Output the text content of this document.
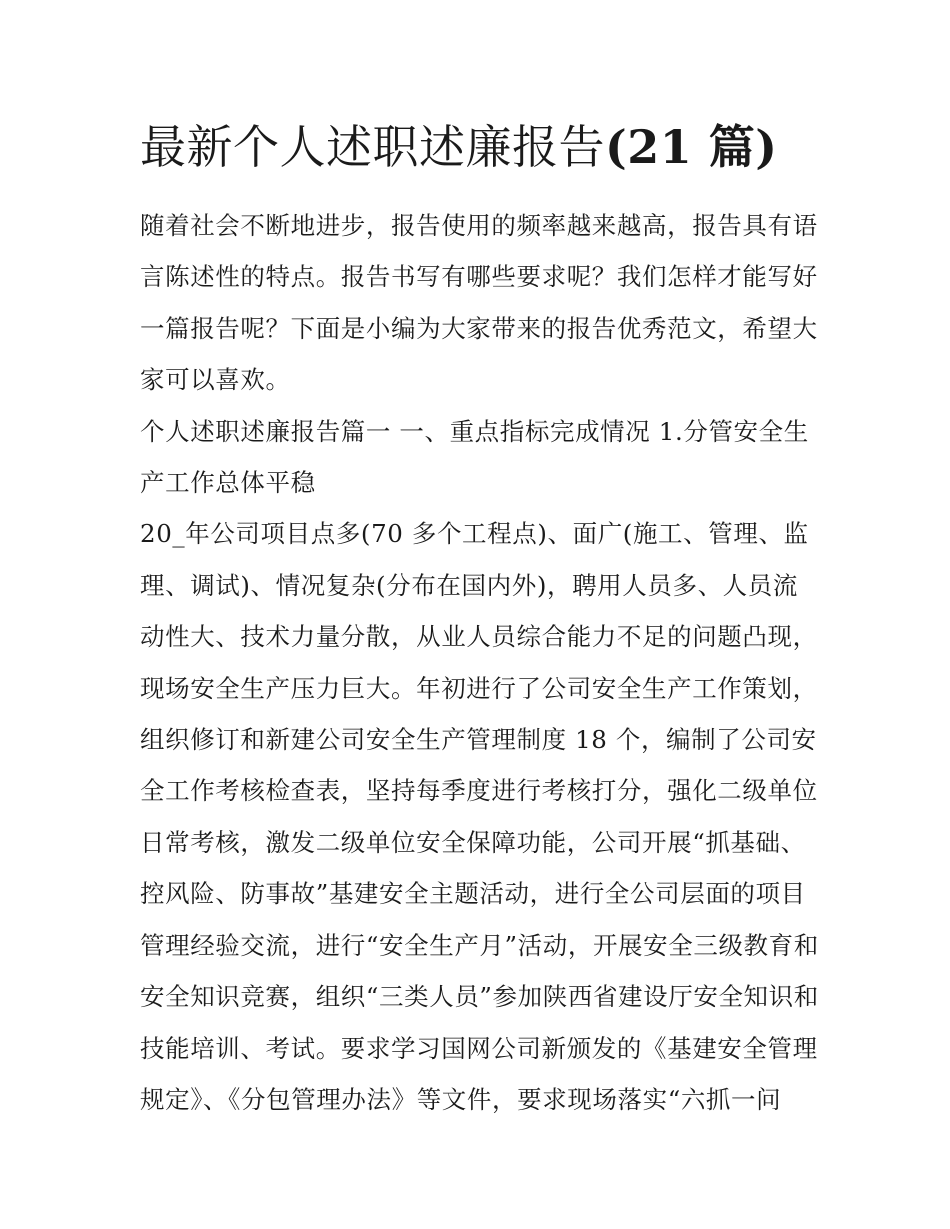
最新个人述职述廉报告(21 篇)

随着社会不断地进步，报告使用的频率越来越高，报告具有语

言陈述性的特点。报告书写有哪些要求呢？我们怎样才能写好

一篇报告呢？下面是小编为大家带来的报告优秀范文，希望大

家可以喜欢。

个人述职述廉报告篇一 一、重点指标完成情况 1.分管安全生

产工作总体平稳

20_年公司项目点多(70 多个工程点)、面广(施工、管理、监

理、调试)、情况复杂(分布在国内外)，聘用人员多、人员流

动性大、技术力量分散，从业人员综合能力不足的问题凸现，

现场安全生产压力巨大。年初进行了公司安全生产工作策划，

组织修订和新建公司安全生产管理制度 18 个，编制了公司安

全工作考核检查表，坚持每季度进行考核打分，强化二级单位

日常考核，激发二级单位安全保障功能，公司开展“抓基础、

控风险、防事故”基建安全主题活动，进行全公司层面的项目

管理经验交流，进行“安全生产月”活动，开展安全三级教育和

安全知识竞赛，组织“三类人员”参加陕西省建设厅安全知识和

技能培训、考试。要求学习国网公司新颁发的《基建安全管理

规定》、《分包管理办法》等文件，要求现场落实“六抓一问
